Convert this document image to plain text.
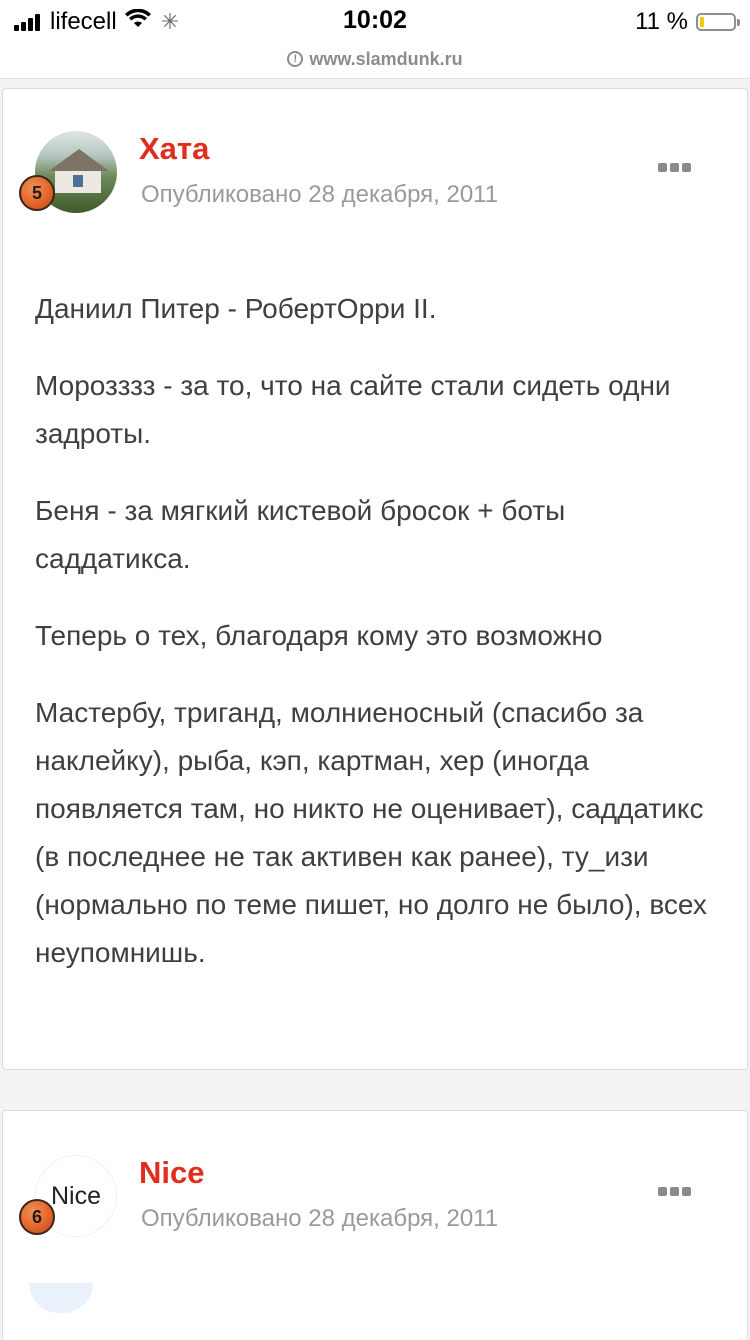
lifecell ✳	10:02	11 %
! www.slamdunk.ru
5
Хата
Опубликовано 28 декабря, 2011

Даниил Питер - РобертОрри II.

Морозззз - за то, что на сайте стали сидеть одни задроты.

Беня - за мягкий кистевой бросок + боты саддатикса.

Теперь о тех, благодаря кому это возможно

Мастербу, триганд, молниеносный (спасибо за наклейку), рыба, кэп, картман, хер (иногда появляется там, но никто не оценивает), саддатикс (в последнее не так активен как ранее), ту_изи (нормально по теме пишет, но долго не было), всех неупомнишь.

Nice
6
Nice
Опубликовано 28 декабря, 2011
